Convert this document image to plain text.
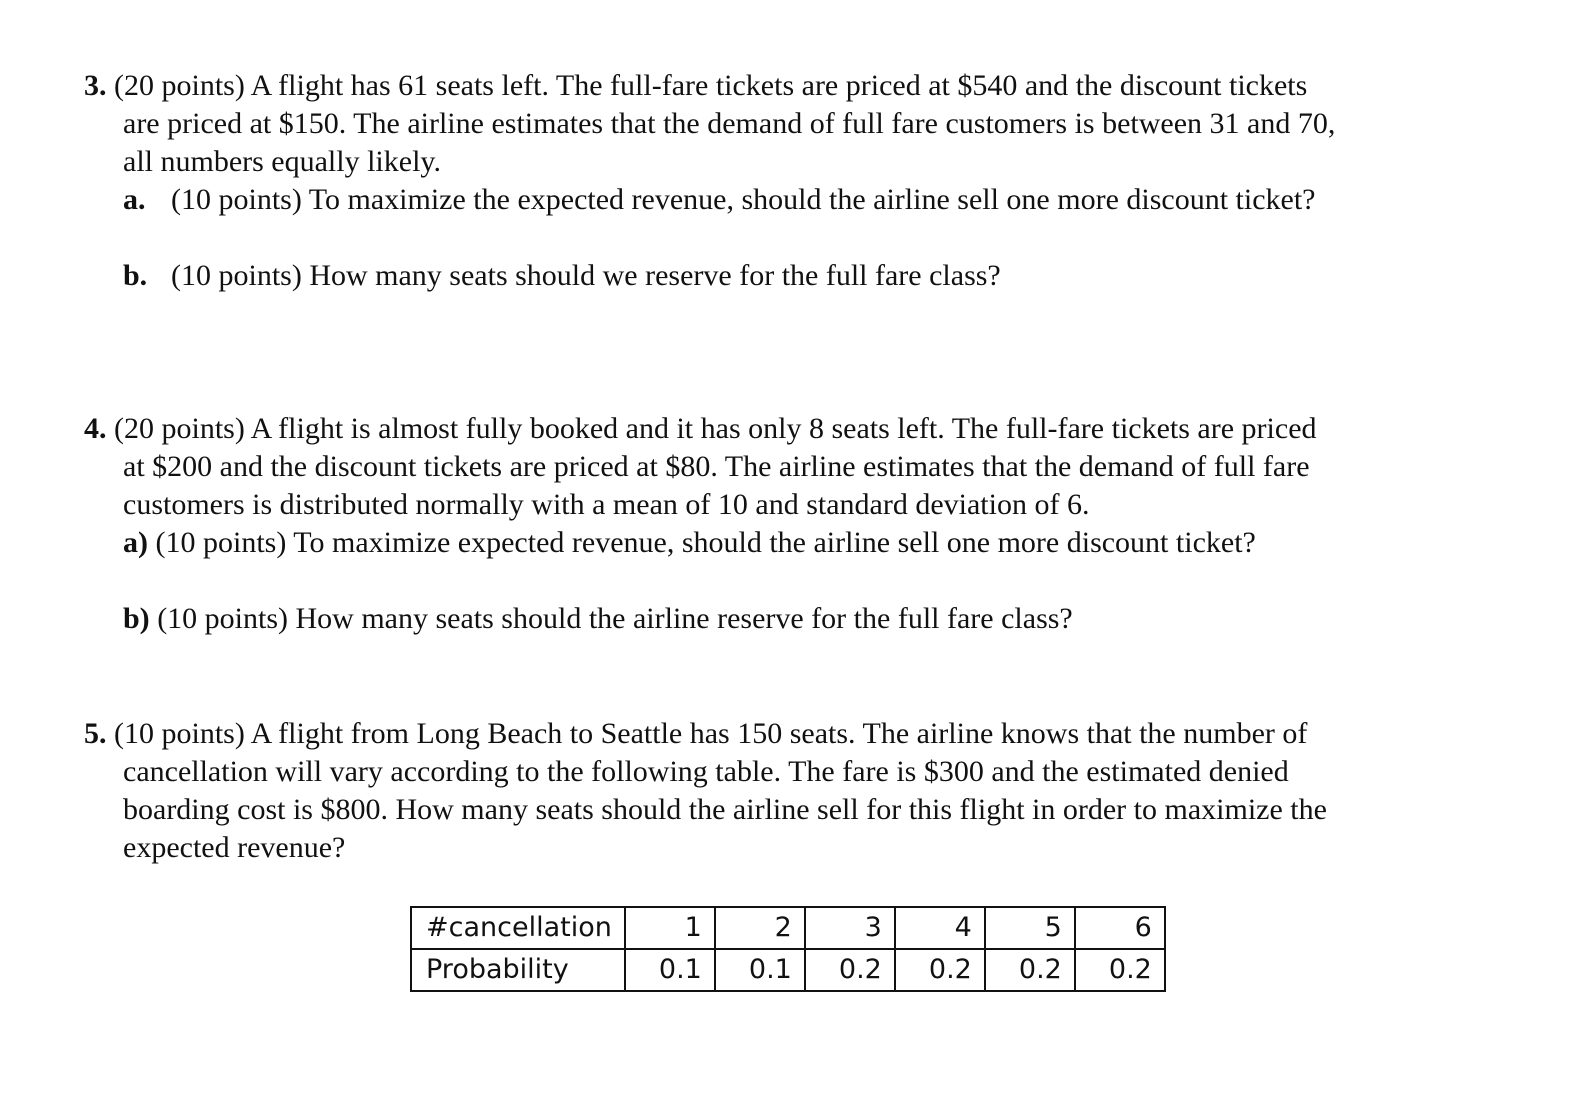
3. (20 points) A flight has 61 seats left. The full-fare tickets are priced at $540 and the discount tickets
are priced at $150. The airline estimates that the demand of full fare customers is between 31 and 70,
all numbers equally likely.
a. (10 points) To maximize the expected revenue, should the airline sell one more discount ticket?
b. (10 points) How many seats should we reserve for the full fare class?
4. (20 points) A flight is almost fully booked and it has only 8 seats left. The full-fare tickets are priced
at $200 and the discount tickets are priced at $80. The airline estimates that the demand of full fare
customers is distributed normally with a mean of 10 and standard deviation of 6.
a) (10 points) To maximize expected revenue, should the airline sell one more discount ticket?
b) (10 points) How many seats should the airline reserve for the full fare class?
5. (10 points) A flight from Long Beach to Seattle has 150 seats. The airline knows that the number of
cancellation will vary according to the following table. The fare is $300 and the estimated denied
boarding cost is $800. How many seats should the airline sell for this flight in order to maximize the
expected revenue?
#cancellation	1	2	3	4	5	6
Probability	0.1	0.1	0.2	0.2	0.2	0.2
